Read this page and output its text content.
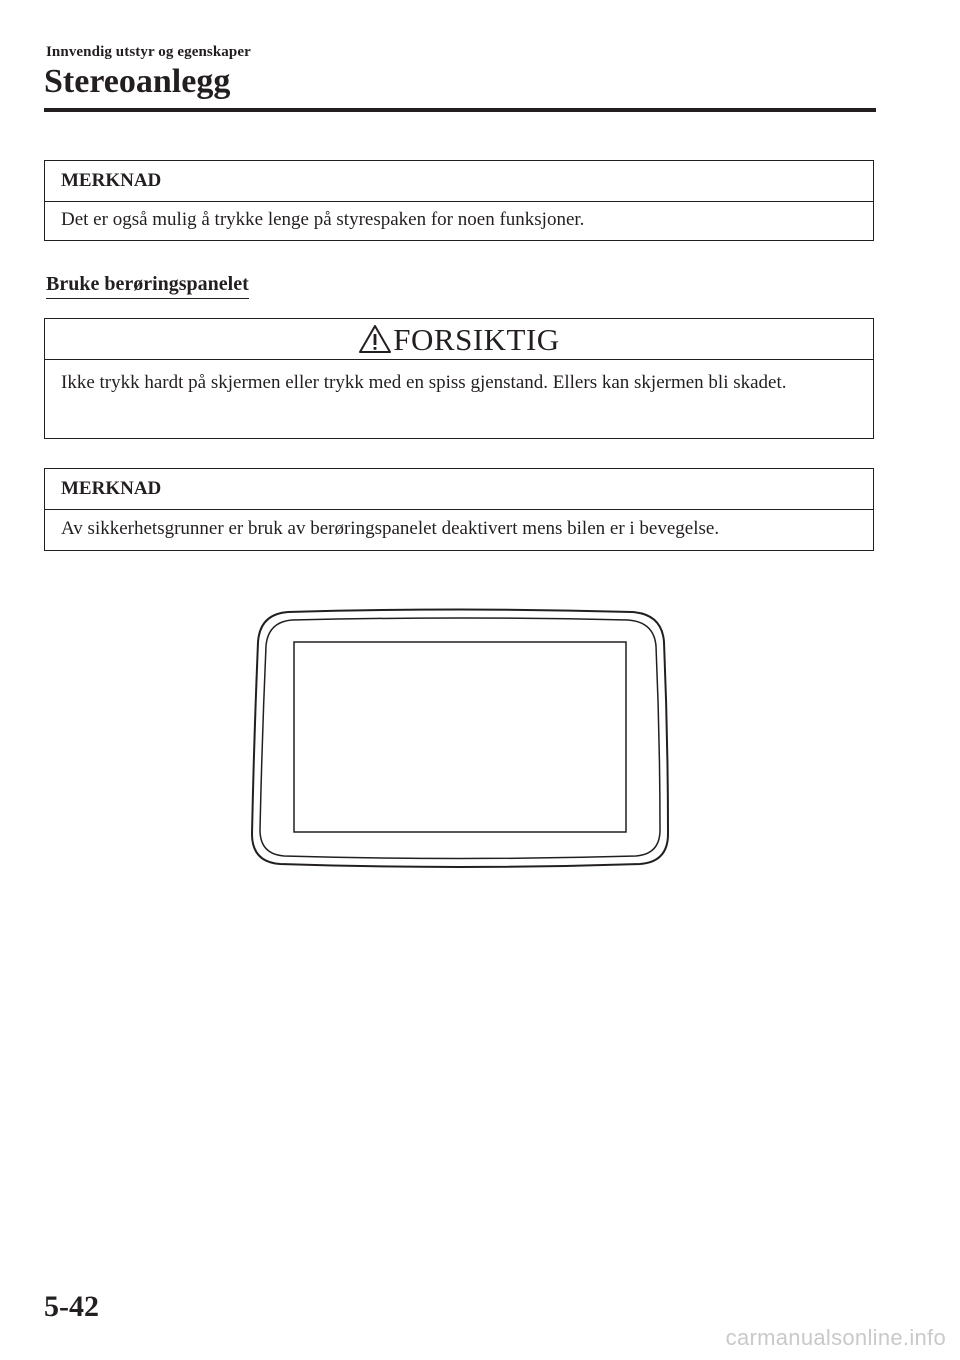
Innvendig utstyr og egenskaper
Stereoanlegg
MERKNAD
Det er også mulig å trykke lenge på styrespaken for noen funksjoner.
Bruke berøringspanelet
FORSIKTIG
Ikke trykk hardt på skjermen eller trykk med en spiss gjenstand. Ellers kan skjermen bli skadet.
MERKNAD
Av sikkerhetsgrunner er bruk av berøringspanelet deaktivert mens bilen er i bevegelse.
5-42
carmanualsonline.info
